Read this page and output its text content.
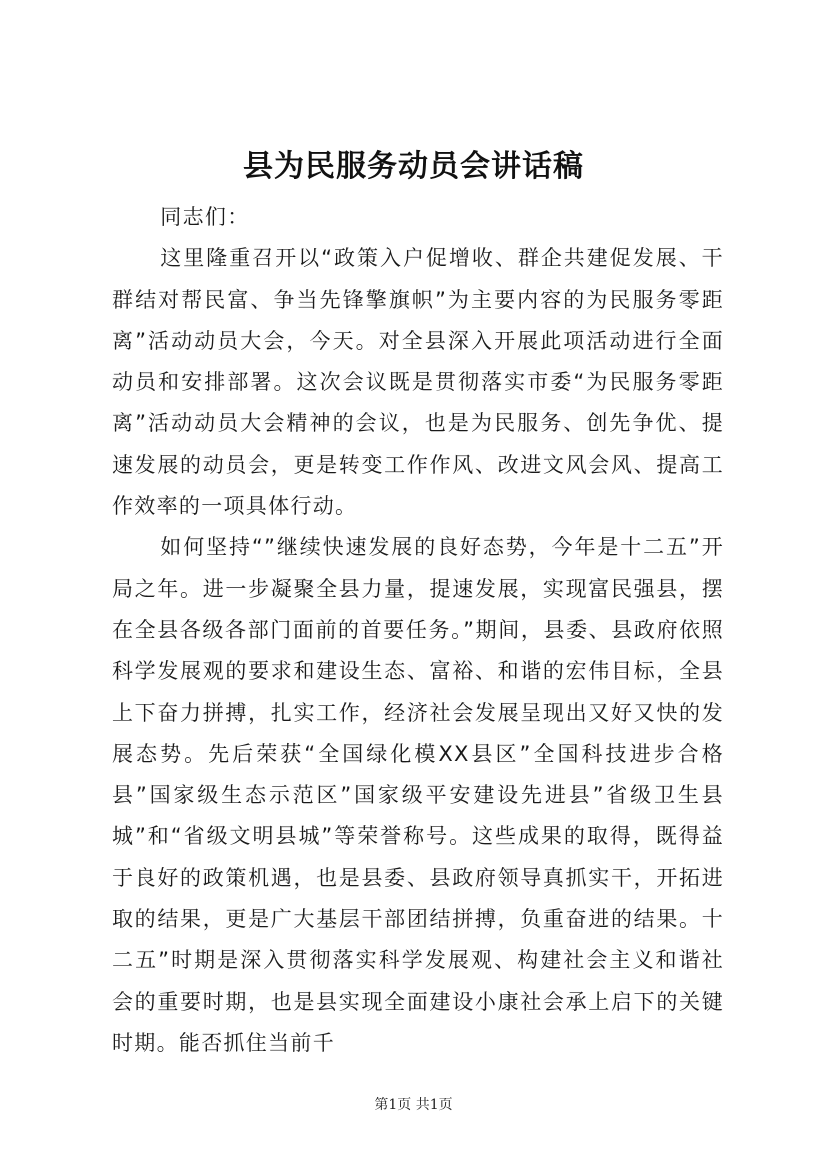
县为民服务动员会讲话稿

同志们：

这里隆重召开以“政策入户促增收、群企共建促发展、干群结对帮民富、争当先锋擎旗帜”为主要内容的为民服务零距离”活动动员大会，今天。对全县深入开展此项活动进行全面动员和安排部署。这次会议既是贯彻落实市委“为民服务零距离”活动动员大会精神的会议，也是为民服务、创先争优、提速发展的动员会，更是转变工作作风、改进文风会风、提高工作效率的一项具体行动。

如何坚持“”继续快速发展的良好态势，今年是十二五”开局之年。进一步凝聚全县力量，提速发展，实现富民强县，摆在全县各级各部门面前的首要任务。”期间，县委、县政府依照科学发展观的要求和建设生态、富裕、和谐的宏伟目标，全县上下奋力拼搏，扎实工作，经济社会发展呈现出又好又快的发展态势。先后荣获“全国绿化模XX县区”全国科技进步合格县”国家级生态示范区”国家级平安建设先进县”省级卫生县城”和“省级文明县城”等荣誉称号。这些成果的取得，既得益于良好的政策机遇，也是县委、县政府领导真抓实干，开拓进取的结果，更是广大基层干部团结拼搏，负重奋进的结果。十二五”时期是深入贯彻落实科学发展观、构建社会主义和谐社会的重要时期，也是县实现全面建设小康社会承上启下的关键时期。能否抓住当前千

第1页 共1页
